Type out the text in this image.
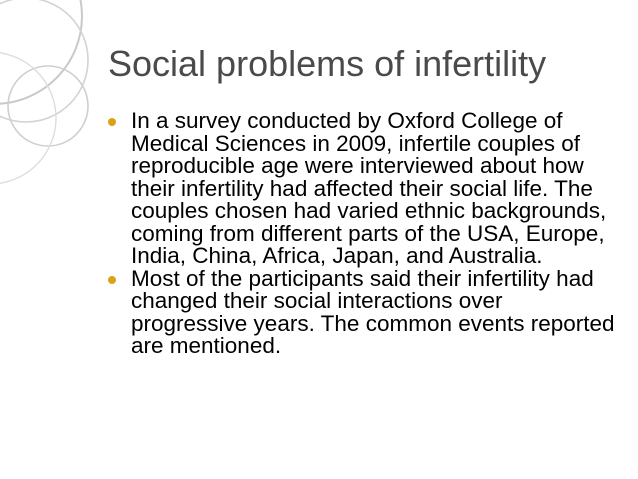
Social problems of infertility
In a survey conducted by Oxford College of Medical Sciences in 2009, infertile couples of reproducible age were interviewed about how their infertility had affected their social life. The couples chosen had varied ethnic backgrounds, coming from different parts of the USA, Europe, India, China, Africa, Japan, and Australia.
Most of the participants said their infertility had changed their social interactions over progressive years. The common events reported are mentioned.
